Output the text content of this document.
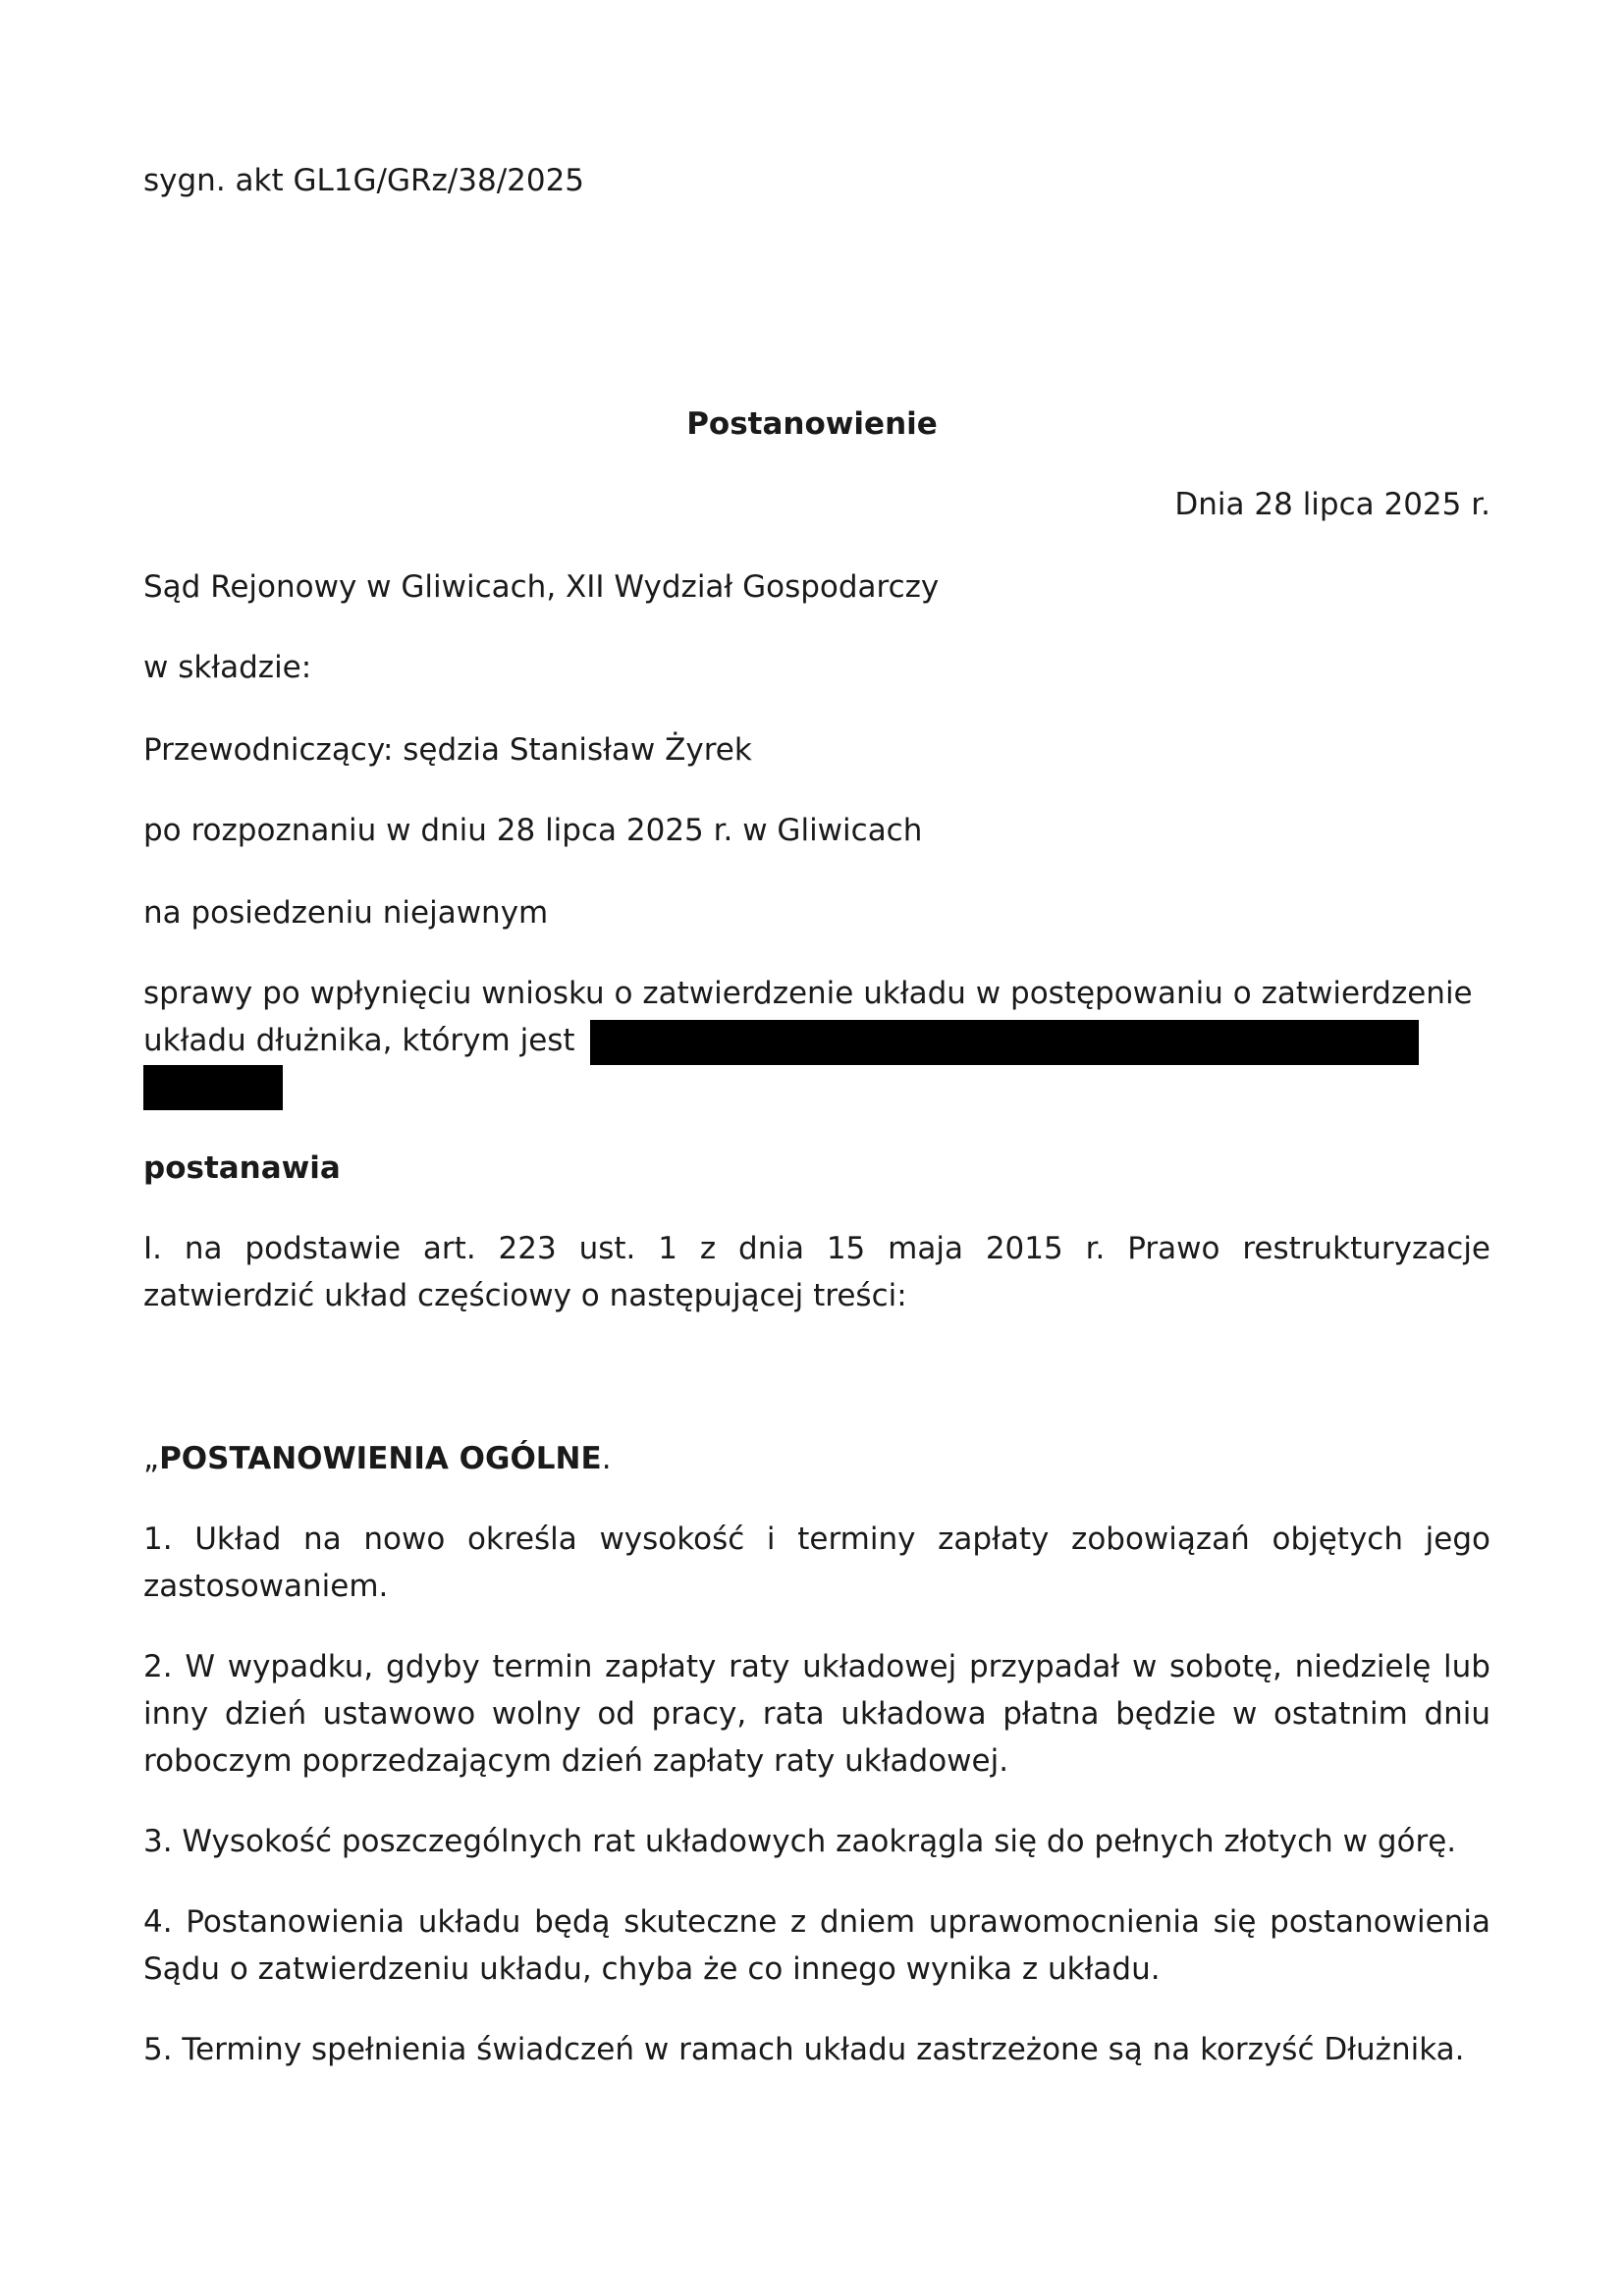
sygn. akt GL1G/GRz/38/2025
Postanowienie
Dnia 28 lipca 2025 r.
Sąd Rejonowy w Gliwicach, XII Wydział Gospodarczy
w składzie:
Przewodniczący: sędzia Stanisław Żyrek
po rozpoznaniu w dniu 28 lipca 2025 r. w Gliwicach
na posiedzeniu niejawnym
sprawy po wpłynięciu wniosku o zatwierdzenie układu w postępowaniu o zatwierdzenie
układu dłużnika, którym jest
postanawia
I. na podstawie art. 223 ust. 1 z dnia 15 maja 2015 r. Prawo restrukturyzacje zatwierdzić układ częściowy o następującej treści:
„POSTANOWIENIA OGÓLNE.
1. Układ na nowo określa wysokość i terminy zapłaty zobowiązań objętych jego zastosowaniem.
2. W wypadku, gdyby termin zapłaty raty układowej przypadał w sobotę, niedzielę lub inny dzień ustawowo wolny od pracy, rata układowa płatna będzie w ostatnim dniu roboczym poprzedzającym dzień zapłaty raty układowej.
3. Wysokość poszczególnych rat układowych zaokrągla się do pełnych złotych w górę.
4. Postanowienia układu będą skuteczne z dniem uprawomocnienia się postanowienia Sądu o zatwierdzeniu układu, chyba że co innego wynika z układu.
5. Terminy spełnienia świadczeń w ramach układu zastrzeżone są na korzyść Dłużnika.
